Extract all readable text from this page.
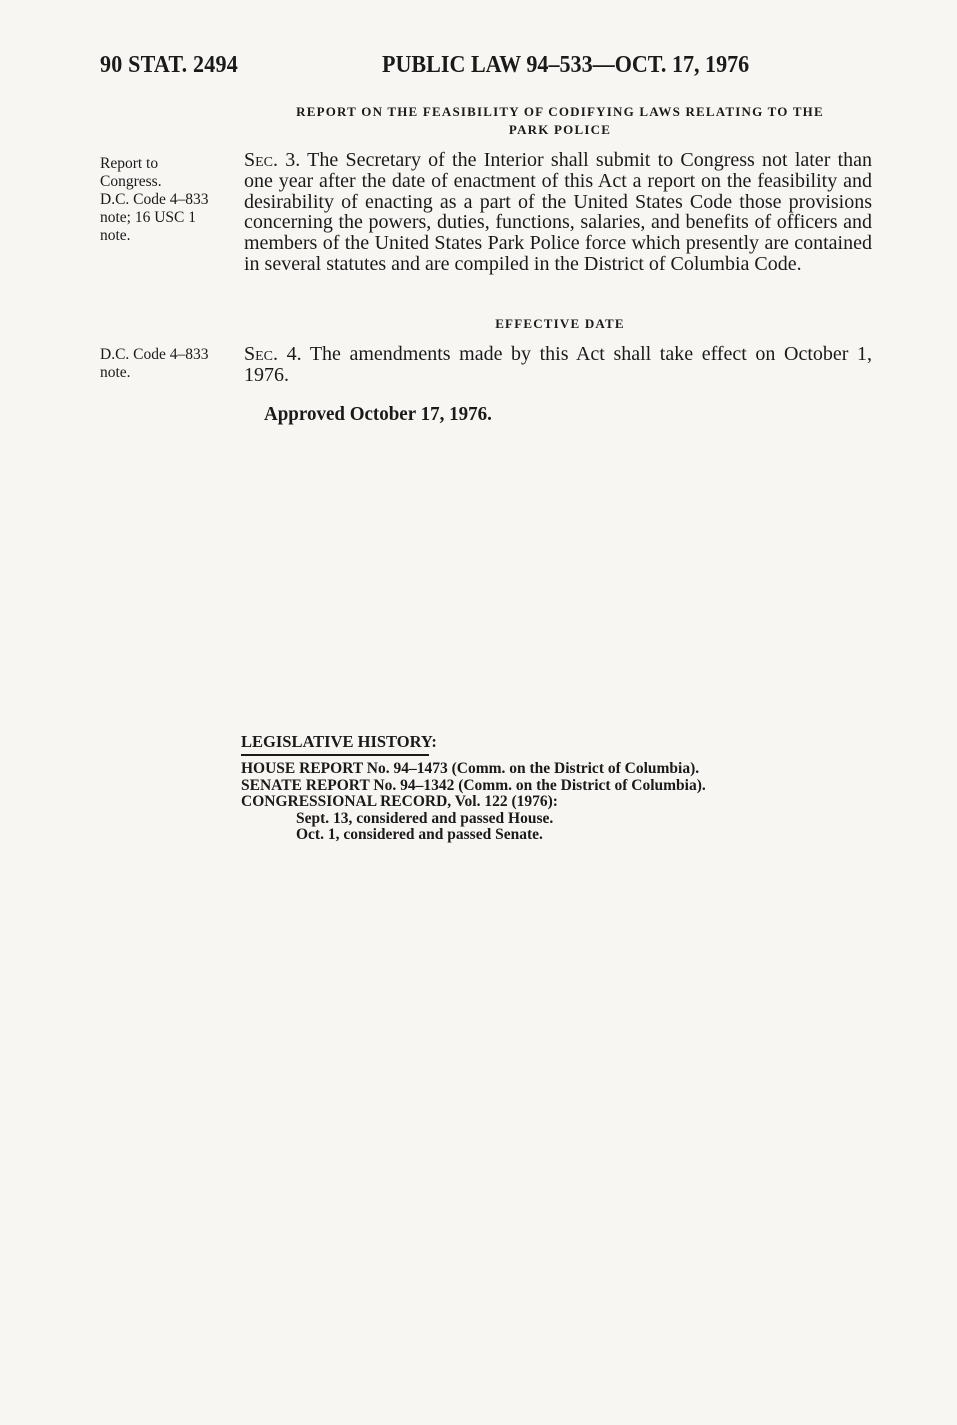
90 STAT. 2494	PUBLIC LAW 94–533—OCT. 17, 1976
REPORT ON THE FEASIBILITY OF CODIFYING LAWS RELATING TO THE
PARK POLICE
Report to
Congress.
D.C. Code 4–833
note; 16 USC 1
note.
Sec. 3. The Secretary of the Interior shall submit to Congress not later than one year after the date of enactment of this Act a report on the feasibility and desirability of enacting as a part of the United States Code those provisions concerning the powers, duties, functions, salaries, and benefits of officers and members of the United States Park Police force which presently are contained in several statutes and are compiled in the District of Columbia Code.
EFFECTIVE DATE
D.C. Code 4–833
note.
Sec. 4. The amendments made by this Act shall take effect on October 1, 1976.
Approved October 17, 1976.
LEGISLATIVE HISTORY:
HOUSE REPORT No. 94–1473 (Comm. on the District of Columbia).
SENATE REPORT No. 94–1342 (Comm. on the District of Columbia).
CONGRESSIONAL RECORD, Vol. 122 (1976):
Sept. 13, considered and passed House.
Oct. 1, considered and passed Senate.
